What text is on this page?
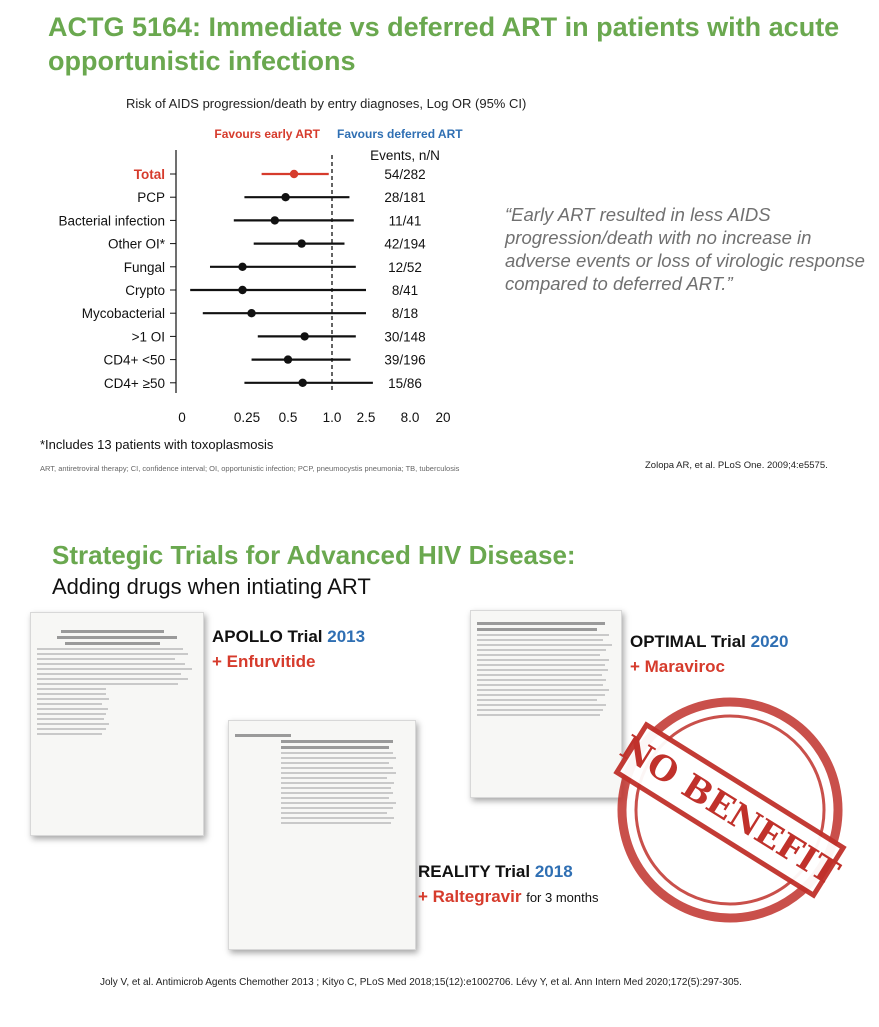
ACTG 5164: Immediate vs deferred ART in patients with acute opportunistic infections
Risk of AIDS progression/death by entry diagnoses, Log OR (95% CI)
Favours early ART Favours deferred ART
Events, n/N
0	0.25 0.5 1.0 2.5 8.0 20
Total	54/282
PCP	28/181
Bacterial infection	11/41
Other OI*	42/194
Fungal	12/52
Crypto	8/41
Mycobacterial	8/18
>1 OI	30/148
CD4+ <50	39/196
CD4+ ≥50	15/86
“Early ART resulted in less AIDS progression/death with no increase in adverse events or loss of virologic response compared to deferred ART.”
*Includes 13 patients with toxoplasmosis
ART, antiretroviral therapy; CI, confidence interval; OI, opportunistic infection; PCP, pneumocystis pneumonia; TB, tuberculosis	Zolopa AR, et al. PLoS One. 2009;4:e5575.
Strategic Trials for Advanced HIV Disease:
Adding drugs when intiating ART
APOLLO Trial 2013
+ Enfurvitide
REALITY Trial 2018
+ Raltegravir for 3 months
OPTIMAL Trial 2020
+ Maraviroc
NO BENEFIT
Joly V, et al. Antimicrob Agents Chemother 2013 ; Kityo C, PLoS Med 2018;15(12):e1002706. Lévy Y, et al. Ann Intern Med 2020;172(5):297-305.
